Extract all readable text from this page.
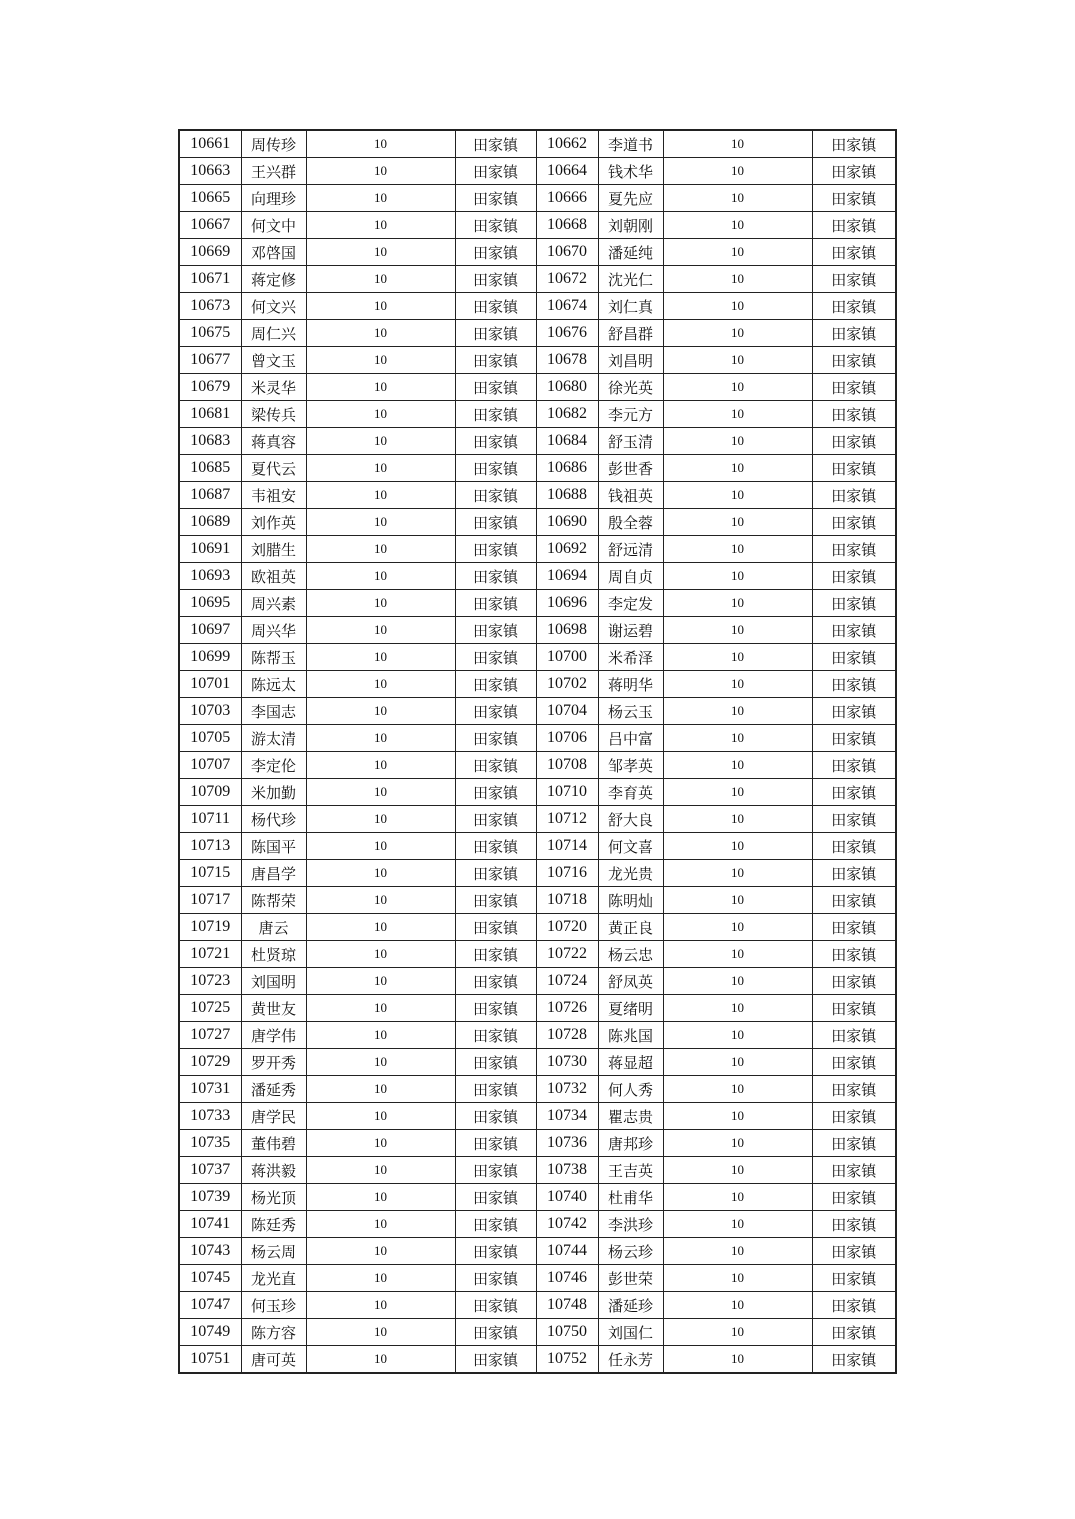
10661	周传珍	10	田家镇	10662	李道书	10	田家镇
10663	王兴群	10	田家镇	10664	钱术华	10	田家镇
10665	向理珍	10	田家镇	10666	夏先应	10	田家镇
10667	何文中	10	田家镇	10668	刘朝刚	10	田家镇
10669	邓啓国	10	田家镇	10670	潘延纯	10	田家镇
10671	蒋定修	10	田家镇	10672	沈光仁	10	田家镇
10673	何文兴	10	田家镇	10674	刘仁真	10	田家镇
10675	周仁兴	10	田家镇	10676	舒昌群	10	田家镇
10677	曾文玉	10	田家镇	10678	刘昌明	10	田家镇
10679	米灵华	10	田家镇	10680	徐光英	10	田家镇
10681	梁传兵	10	田家镇	10682	李元方	10	田家镇
10683	蒋真容	10	田家镇	10684	舒玉清	10	田家镇
10685	夏代云	10	田家镇	10686	彭世香	10	田家镇
10687	韦祖安	10	田家镇	10688	钱祖英	10	田家镇
10689	刘作英	10	田家镇	10690	殷全蓉	10	田家镇
10691	刘腊生	10	田家镇	10692	舒远清	10	田家镇
10693	欧祖英	10	田家镇	10694	周自贞	10	田家镇
10695	周兴素	10	田家镇	10696	李定发	10	田家镇
10697	周兴华	10	田家镇	10698	谢运碧	10	田家镇
10699	陈帮玉	10	田家镇	10700	米希泽	10	田家镇
10701	陈远太	10	田家镇	10702	蒋明华	10	田家镇
10703	李国志	10	田家镇	10704	杨云玉	10	田家镇
10705	游太清	10	田家镇	10706	吕中富	10	田家镇
10707	李定伦	10	田家镇	10708	邹孝英	10	田家镇
10709	米加勤	10	田家镇	10710	李育英	10	田家镇
10711	杨代珍	10	田家镇	10712	舒大良	10	田家镇
10713	陈国平	10	田家镇	10714	何文喜	10	田家镇
10715	唐昌学	10	田家镇	10716	龙光贵	10	田家镇
10717	陈帮荣	10	田家镇	10718	陈明灿	10	田家镇
10719	唐云	10	田家镇	10720	黄正良	10	田家镇
10721	杜贤琼	10	田家镇	10722	杨云忠	10	田家镇
10723	刘国明	10	田家镇	10724	舒凤英	10	田家镇
10725	黄世友	10	田家镇	10726	夏绪明	10	田家镇
10727	唐学伟	10	田家镇	10728	陈兆国	10	田家镇
10729	罗开秀	10	田家镇	10730	蒋显超	10	田家镇
10731	潘延秀	10	田家镇	10732	何人秀	10	田家镇
10733	唐学民	10	田家镇	10734	瞿志贵	10	田家镇
10735	董伟碧	10	田家镇	10736	唐邦珍	10	田家镇
10737	蒋洪毅	10	田家镇	10738	王吉英	10	田家镇
10739	杨光顶	10	田家镇	10740	杜甫华	10	田家镇
10741	陈廷秀	10	田家镇	10742	李洪珍	10	田家镇
10743	杨云周	10	田家镇	10744	杨云珍	10	田家镇
10745	龙光直	10	田家镇	10746	彭世荣	10	田家镇
10747	何玉珍	10	田家镇	10748	潘延珍	10	田家镇
10749	陈方容	10	田家镇	10750	刘国仁	10	田家镇
10751	唐可英	10	田家镇	10752	任永芳	10	田家镇
